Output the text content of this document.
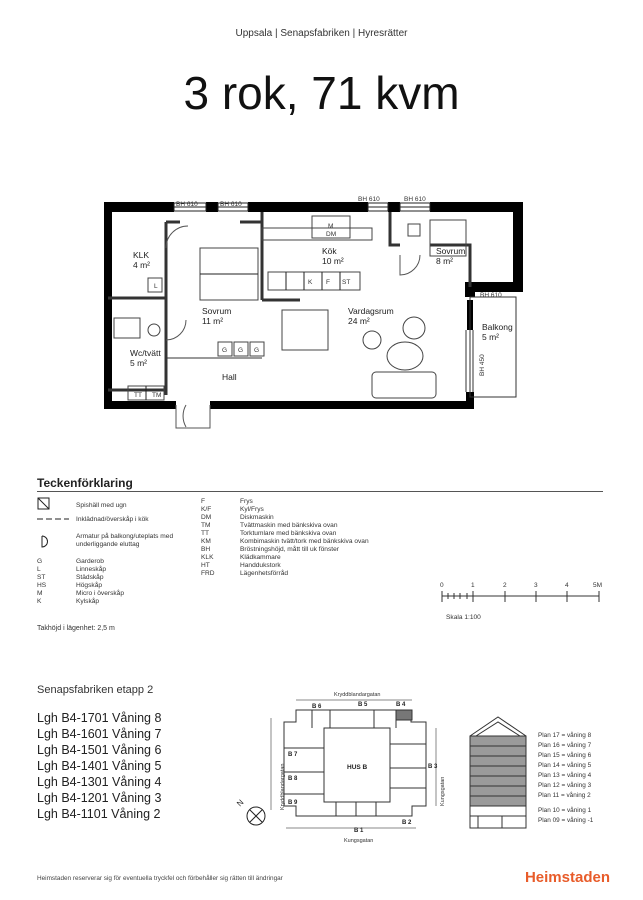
Uppsala | Senapsfabriken | Hyresrätter
3 rok, 71 kvm
BH 610	BH 610
BH 610	BH 610
BH 610
BH 450
M
DM
L
K F ST
G G G
TT TM
KLK
4 m²
Kök
10 m²
Sovrum
8 m²
Sovrum
11 m²
Vardagsrum
24 m²
Balkong
5 m²
Wc/tvätt
5 m²
Hall
Teckenförklaring
Spishäll med ugn
Inklädnad/överskåp i kök
Armatur på balkong/uteplats med underliggande eluttag
G	Garderob
L	Linneskåp
ST	Städskåp
HS	Högskåp
M	Micro i överskåp
K	Kylskåp
F	Frys
K/F	Kyl/Frys
DM	Diskmaskin
TM	Tvättmaskin med bänkskiva ovan
TT	Torktumlare med bänkskiva ovan
KM	Kombimaskin tvätt/tork med bänkskiva ovan
BH	Bröstningshöjd, mått till uk fönster
KLK	Klädkammare
HT	Handdukstork
FRD	Lägenhetsförråd
Takhöjd i lägenhet: 2,5 m
0	1	2	3	4	5M
Skala 1:100
Senapsfabriken etapp 2
Lgh B4-1701 Våning 8
Lgh B4-1601 Våning 7
Lgh B4-1501 Våning 6
Lgh B4-1401 Våning 5
Lgh B4-1301 Våning 4
Lgh B4-1201 Våning 3
Lgh B4-1101 Våning 2
Kryddblandargatan
Kryddblandargatan
Kungsgatan
Kungsgatan
HUS B
B 6	B 5	B 4
B 7
B 3
B 8
B 9
B 1
B 2
N
Plan 17 = våning 8
Plan 16 = våning 7
Plan 15 = våning 6
Plan 14 = våning 5
Plan 13 = våning 4
Plan 12 = våning 3
Plan 11 = våning 2
Plan 10 = våning 1
Plan 09 = våning -1
Heimstaden reserverar sig för eventuella tryckfel och förbehåller sig rätten till ändringar	Heimstaden
